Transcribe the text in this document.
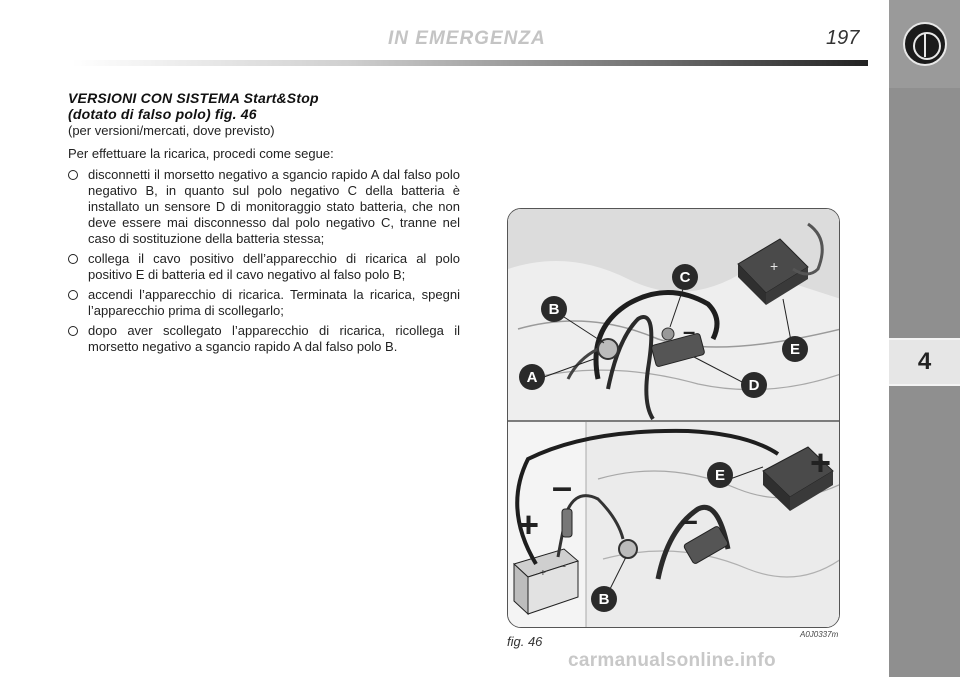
IN EMERGENZA	197
4
VERSIONI CON SISTEMA Start&Stop
(dotato di falso polo) fig. 46
(per versioni/mercati, dove previsto)
Per effettuare la ricarica, procedi come segue:
disconnetti il morsetto negativo a sgancio rapido A dal falso polo negativo B, in quanto sul polo negativo C della batteria è installato un sensore D di monitoraggio stato batteria, che non deve essere mai disconnesso dal polo negativo C, tranne nel caso di sostituzione della batteria stessa;
collega il cavo positivo dell’apparecchio di ricarica al polo positivo E di batteria ed il cavo negativo al falso polo B;
accendi l’apparecchio di ricarica. Terminata la ricarica, spegni l’apparecchio prima di scollegarlo;
dopo aver scollegato l’apparecchio di ricarica, ricollega il morsetto negativo a sgancio rapido A dal falso polo B.
+
–
A
B
C
D
E
+
–
+
–
–
+
E
B
fig. 46	A0J0337m
carmanualsonline.info
